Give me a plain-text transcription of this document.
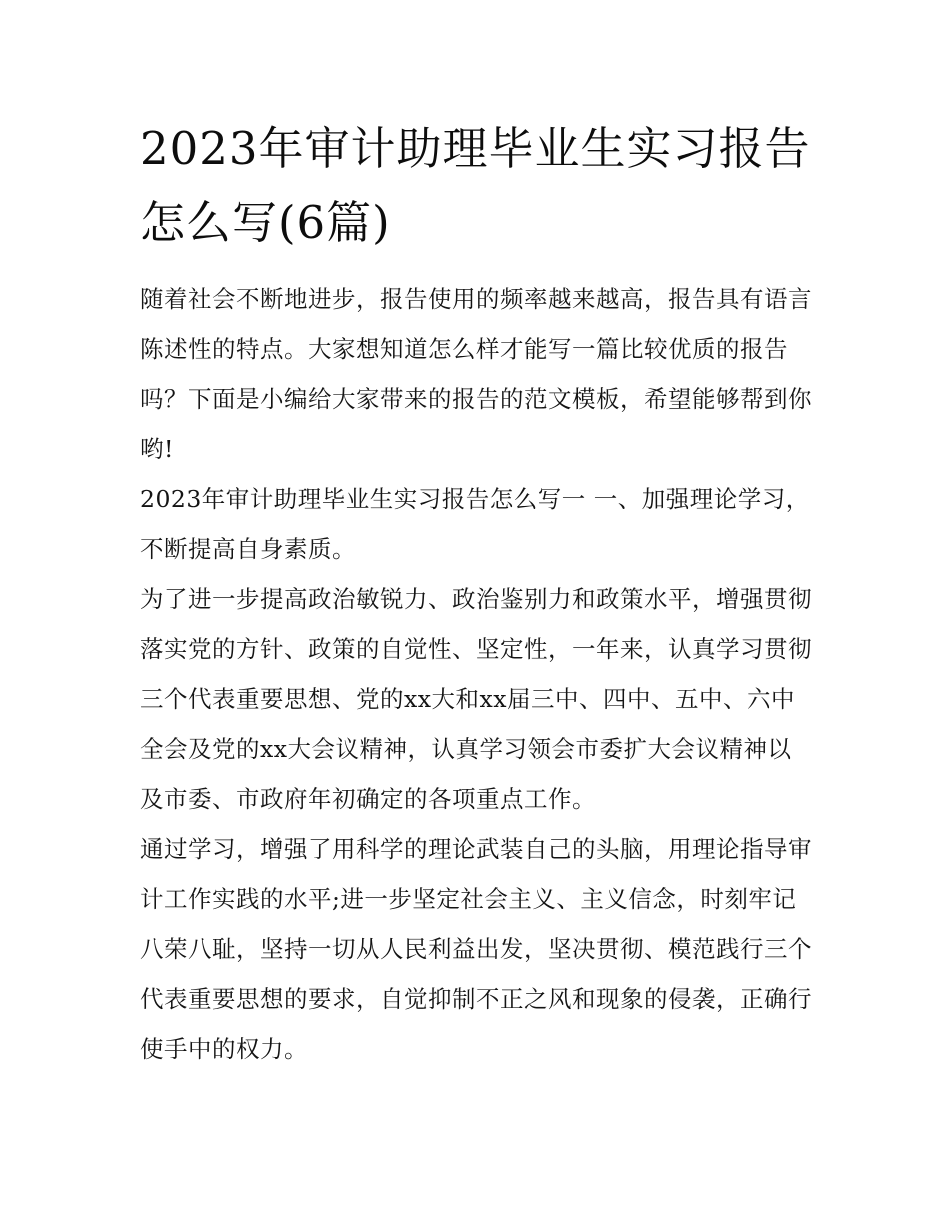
2023年审计助理毕业生实习报告怎么写(6篇)

随着社会不断地进步，报告使用的频率越来越高，报告具有语言陈述性的特点。大家想知道怎么样才能写一篇比较优质的报告吗？下面是小编给大家带来的报告的范文模板，希望能够帮到你哟!

2023年审计助理毕业生实习报告怎么写一 一、加强理论学习，不断提高自身素质。

为了进一步提高政治敏锐力、政治鉴别力和政策水平，增强贯彻落实党的方针、政策的自觉性、坚定性，一年来，认真学习贯彻三个代表重要思想、党的xx大和xx届三中、四中、五中、六中全会及党的xx大会议精神，认真学习领会市委扩大会议精神以及市委、市政府年初确定的各项重点工作。

通过学习，增强了用科学的理论武装自己的头脑，用理论指导审计工作实践的水平;进一步坚定社会主义、主义信念，时刻牢记八荣八耻，坚持一切从人民利益出发，坚决贯彻、模范践行三个代表重要思想的要求，自觉抑制不正之风和现象的侵袭，正确行使手中的权力。
